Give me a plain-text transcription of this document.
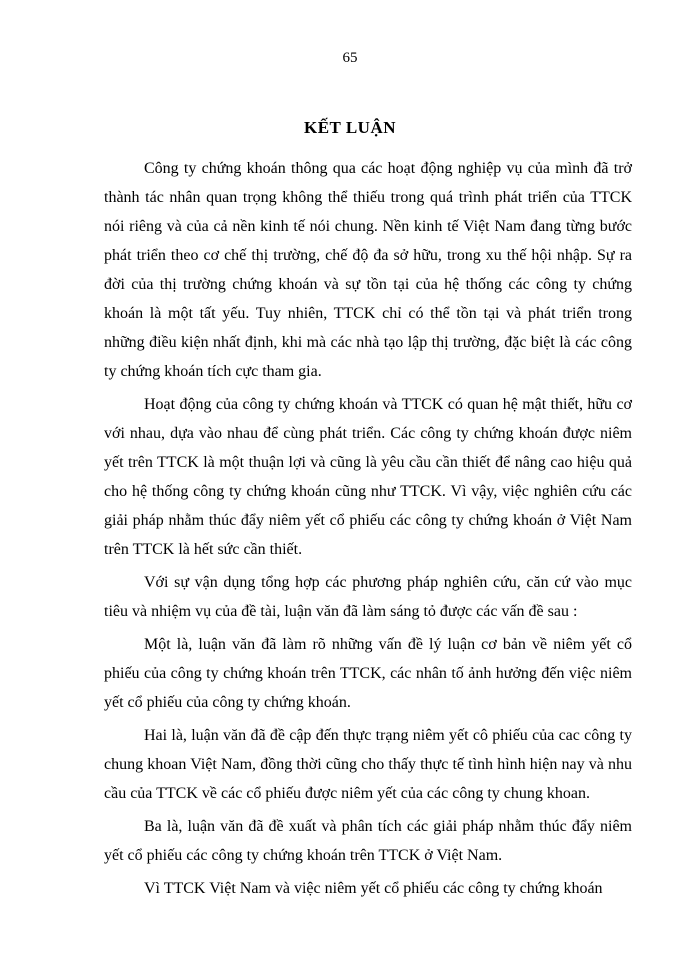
65
KẾT LUẬN

Công ty chứng khoán thông qua các hoạt động nghiệp vụ của mình đã trở thành tác nhân quan trọng không thể thiếu trong quá trình phát triển của TTCK nói riêng và của cả nền kinh tế nói chung. Nền kinh tế Việt Nam đang từng bước phát triển theo cơ chế thị trường, chế độ đa sở hữu, trong xu thế hội nhập. Sự ra đời của thị trường chứng khoán và sự tồn tại của hệ thống các công ty chứng khoán là một tất yếu. Tuy nhiên, TTCK chỉ có thể tồn tại và phát triển trong những điều kiện nhất định, khi mà các nhà tạo lập thị trường, đặc biệt là các công ty chứng khoán tích cực tham gia.

Hoạt động của công ty chứng khoán và TTCK có quan hệ mật thiết, hữu cơ với nhau, dựa vào nhau để cùng phát triển. Các công ty chứng khoán được niêm yết trên TTCK là một thuận lợi và cũng là yêu cầu cần thiết để nâng cao hiệu quả cho hệ thống công ty chứng khoán cũng như TTCK. Vì vậy, việc nghiên cứu các giải pháp nhằm thúc đẩy niêm yết cổ phiếu các công ty chứng khoán ở Việt Nam trên TTCK là hết sức cần thiết.

Với sự vận dụng tổng hợp các phương pháp nghiên cứu, căn cứ vào mục tiêu và nhiệm vụ của đề tài, luận văn đã làm sáng tỏ được các vấn đề sau :

Một là, luận văn đã làm rõ những vấn đề lý luận cơ bản về niêm yết cổ phiếu của công ty chứng khoán trên TTCK, các nhân tố ảnh hưởng đến việc niêm yết cổ phiếu của công ty chứng khoán.

Hai là, luận văn đã đề cập đến thực trạng niêm yết cô phiếu của cac công ty chung khoan Việt Nam, đồng thời cũng cho thấy thực tế tình hình hiện nay và nhu cầu của TTCK về các cổ phiếu được niêm yết của các công ty chung khoan.

Ba là, luận văn đã đề xuất và phân tích các giải pháp nhằm thúc đẩy niêm yết cổ phiếu các công ty chứng khoán trên TTCK ở Việt Nam.

Vì TTCK Việt Nam và việc niêm yết cổ phiếu các công ty chứng khoán
